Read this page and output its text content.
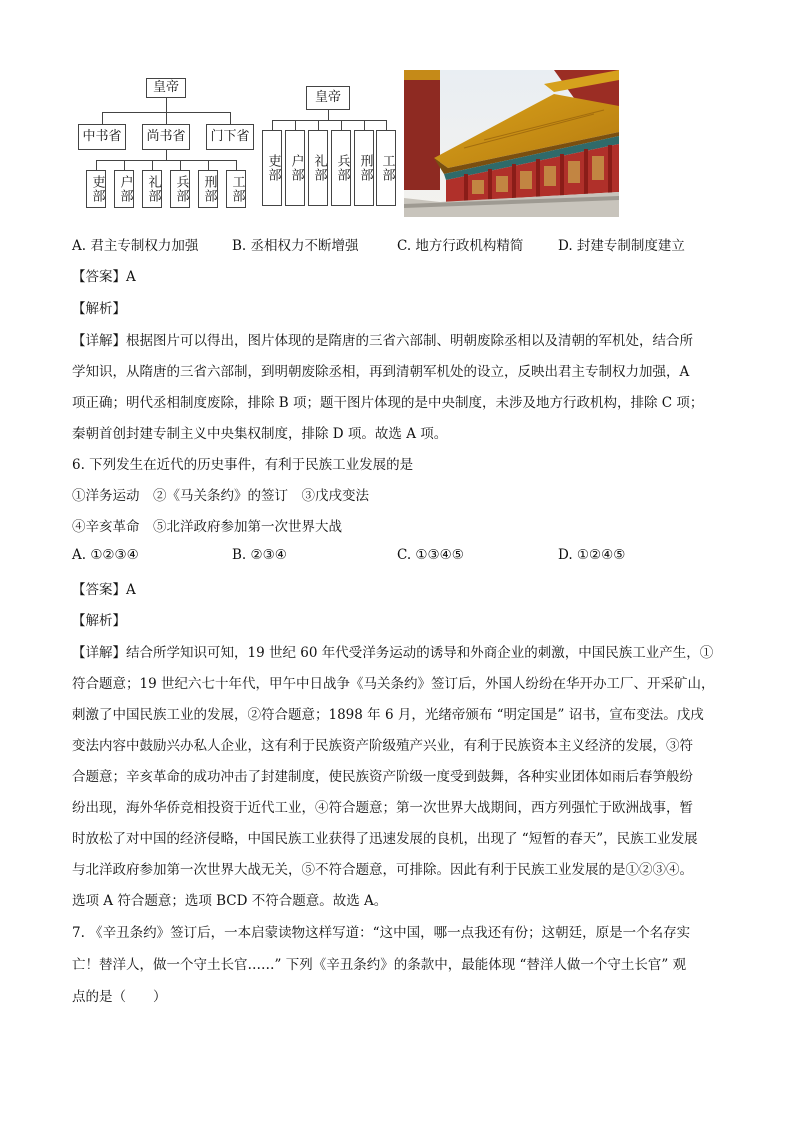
皇帝
中书省	尚书省	门下省
吏部 户部 礼部 兵部 刑部 工部
皇帝
吏部 户部 礼部 兵部 刑部 工部
A. 君主专制权力加强 B. 丞相权力不断增强	C. 地方行政机构精简	D. 封建专制制度建立
【答案】A
【解析】
【详解】根据图片可以得出，图片体现的是隋唐的三省六部制、明朝废除丞相以及清朝的军机处，结合所
学知识，从隋唐的三省六部制，到明朝废除丞相，再到清朝军机处的设立，反映出君主专制权力加强，A
项正确；明代丞相制度废除，排除 B 项；题干图片体现的是中央制度，未涉及地方行政机构，排除 C 项；
秦朝首创封建专制主义中央集权制度，排除 D 项。故选 A 项。
6. 下列发生在近代的历史事件，有利于民族工业发展的是
①洋务运动　②《马关条约》的签订　③戊戌变法
④辛亥革命　⑤北洋政府参加第一次世界大战
A. ①②③④	B. ②③④	C. ①③④⑤	D. ①②④⑤
【答案】A
【解析】
【详解】结合所学知识可知，19 世纪 60 年代受洋务运动的诱导和外商企业的刺激，中国民族工业产生，①
符合题意；19 世纪六七十年代，甲午中日战争《马关条约》签订后，外国人纷纷在华开办工厂、开采矿山，
刺激了中国民族工业的发展，②符合题意；1898 年 6 月，光绪帝颁布 “明定国是” 诏书，宣布变法。戊戌
变法内容中鼓励兴办私人企业，这有利于民族资产阶级殖产兴业，有利于民族资本主义经济的发展，③符
合题意；辛亥革命的成功冲击了封建制度，使民族资产阶级一度受到鼓舞，各种实业团体如雨后春笋般纷
纷出现，海外华侨竞相投资于近代工业，④符合题意；第一次世界大战期间，西方列强忙于欧洲战事，暂
时放松了对中国的经济侵略，中国民族工业获得了迅速发展的良机，出现了 “短暂的春天”，民族工业发展
与北洋政府参加第一次世界大战无关，⑤不符合题意，可排除。因此有利于民族工业发展的是①②③④。
选项 A 符合题意；选项 BCD 不符合题意。故选 A。
7. 《辛丑条约》签订后，一本启蒙读物这样写道：“这中国，哪一点我还有份；这朝廷，原是一个名存实
亡！替洋人，做一个守土长官……” 下列《辛丑条约》的条款中，最能体现 “替洋人做一个守土长官” 观
点的是（　　）
